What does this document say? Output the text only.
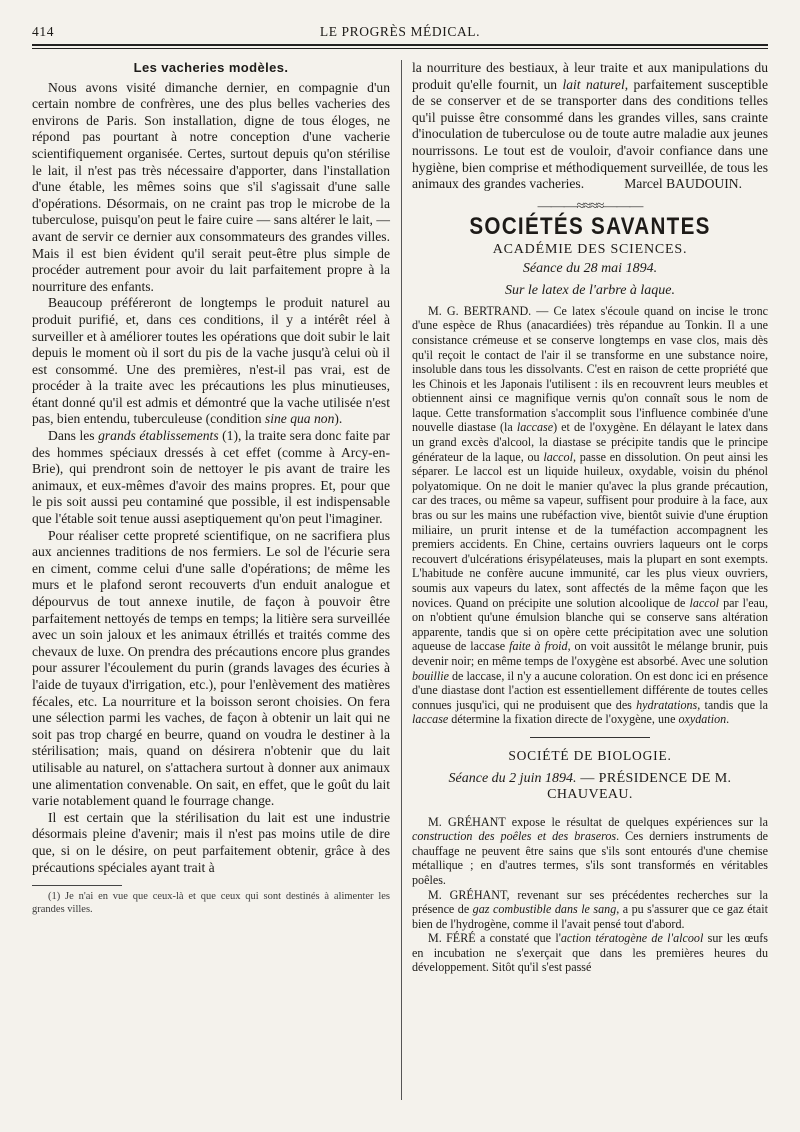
414	LE PROGRÈS MÉDICAL.
Les vacheries modèles.

Nous avons visité dimanche dernier, en compagnie d'un certain nombre de confrères, une des plus belles vacheries des environs de Paris. Son installation, digne de tous éloges, ne répond pas pourtant à notre conception d'une vacherie scientifiquement organisée. Certes, surtout depuis qu'on stérilise le lait, il n'est pas très nécessaire d'apporter, dans l'installation d'une étable, les mêmes soins que s'il s'agissait d'une salle d'opérations. Désormais, on ne craint pas trop le microbe de la tuberculose, puisqu'on peut le faire cuire — sans altérer le lait, — avant de servir ce dernier aux consommateurs des grandes villes. Mais il est bien évident qu'il serait peut-être plus simple de procéder autrement pour avoir du lait parfaitement propre à la nourriture des enfants.

Beaucoup préféreront de longtemps le produit naturel au produit purifié, et, dans ces conditions, il y a intérêt réel à surveiller et à améliorer toutes les opérations que doit subir le lait depuis le moment où il sort du pis de la vache jusqu'à celui où il est consommé. Une des premières, n'est-il pas vrai, est de procéder à la traite avec les précautions les plus minutieuses, étant donné qu'il est admis et démontré que la vache utilisée n'est pas, bien entendu, tuberculeuse (condition sine qua non).

Dans les grands établissements (1), la traite sera donc faite par des hommes spéciaux dressés à cet effet (comme à Arcy-en-Brie), qui prendront soin de nettoyer le pis avant de traire les animaux, et eux-mêmes d'avoir des mains propres. Et, pour que le pis soit aussi peu contaminé que possible, il est indispensable que l'étable soit tenue aussi aseptiquement qu'on peut l'imaginer.

Pour réaliser cette propreté scientifique, on ne sacrifiera plus aux anciennes traditions de nos fermiers. Le sol de l'écurie sera en ciment, comme celui d'une salle d'opérations; de même les murs et le plafond seront recouverts d'un enduit analogue et dépourvus de tout annexe inutile, de façon à pouvoir être parfaitement nettoyés de temps en temps; la litière sera surveillée avec un soin jaloux et les animaux étrillés et traités comme des chevaux de luxe. On prendra des précautions encore plus grandes pour assurer l'écoulement du purin (grands lavages des écuries à l'aide de tuyaux d'irrigation, etc.), pour l'enlèvement des matières fécales, etc. La nourriture et la boisson seront choisies. On fera une sélection parmi les vaches, de façon à obtenir un lait qui ne soit pas trop chargé en beurre, quand on voudra le destiner à la stérilisation; mais, quand on désirera n'obtenir que du lait utilisable au naturel, on s'attachera surtout à donner aux animaux une alimentation convenable. On sait, en effet, que le goût du lait varie notablement quand le fourrage change.

Il est certain que la stérilisation du lait est une industrie désormais pleine d'avenir; mais il n'est pas moins utile de dire que, si on le désire, on peut parfaitement obtenir, grâce à des précautions spéciales ayant trait à

(1) Je n'ai en vue que ceux-là et que ceux qui sont destinés à alimenter les grandes villes.

la nourriture des bestiaux, à leur traite et aux manipulations du produit qu'elle fournit, un lait naturel, parfaitement susceptible de se conserver et de se transporter dans des conditions telles qu'il puisse être consommé dans les grandes villes, sans crainte d'inoculation de tuberculose ou de toute autre maladie aux jeunes nourrissons. Le tout est de vouloir, d'avoir confiance dans une hygiène, bien comprise et méthodiquement surveillée, de tous les animaux des grandes vacheries.	Marcel BAUDOUIN.
———≈≈≈≈———
SOCIÉTÉS SAVANTES
ACADÉMIE DES SCIENCES.
Séance du 28 mai 1894.
Sur le latex de l'arbre à laque.

M. G. BERTRAND. — Ce latex s'écoule quand on incise le tronc d'une espèce de Rhus (anacardiées) très répandue au Tonkin. Il a une consistance crémeuse et se conserve longtemps en vase clos, mais dès qu'il reçoit le contact de l'air il se transforme en une substance noire, insoluble dans tous les dissolvants. C'est en raison de cette propriété que les Chinois et les Japonais l'utilisent : ils en recouvrent leurs meubles et obtiennent ainsi ce magnifique vernis qu'on connaît sous le nom de laque. Cette transformation s'accomplit sous l'influence combinée d'une nouvelle diastase (la laccase) et de l'oxygène. En délayant le latex dans un grand excès d'alcool, la diastase se précipite tandis que le principe générateur de la laque, ou laccol, passe en dissolution. On peut ainsi les séparer. Le laccol est un liquide huileux, oxydable, voisin du phénol polyatomique. On ne doit le manier qu'avec la plus grande précaution, car des traces, ou même sa vapeur, suffisent pour produire à la face, aux bras ou sur les mains une rubéfaction vive, bientôt suivie d'une éruption miliaire, un prurit intense et de la tuméfaction accompagnent les premiers accidents. En Chine, certains ouvriers laqueurs ont le corps recouvert d'ulcérations érisypélateuses, mais la plupart en sont exempts. L'habitude ne confère aucune immunité, car les plus vieux ouvriers, soumis aux vapeurs du latex, sont affectés de la même façon que les novices. Quand on précipite une solution alcoolique de laccol par l'eau, on n'obtient qu'une émulsion blanche qui se conserve sans altération apparente, tandis que si on opère cette précipitation avec une solution aqueuse de laccase faite à froid, on voit aussitôt le mélange brunir, puis devenir noir; en même temps de l'oxygène est absorbé. Avec une solution bouillie de laccase, il n'y a aucune coloration. On est donc ici en présence d'une diastase dont l'action est essentiellement différente de toutes celles connues jusqu'ici, qui ne produisent que des hydratations, tandis que la laccase détermine la fixation directe de l'oxygène, une oxydation.

SOCIÉTÉ DE BIOLOGIE.
Séance du 2 juin 1894. — PRÉSIDENCE DE M. CHAUVEAU.

M. GRÉHANT expose le résultat de quelques expériences sur la construction des poêles et des braseros. Ces derniers instruments de chauffage ne peuvent être sains que s'ils sont entourés d'une chemise métallique ; en d'autres termes, s'ils sont transformés en véritables poêles.

M. GRÉHANT, revenant sur ses précédentes recherches sur la présence de gaz combustible dans le sang, a pu s'assurer que ce gaz était bien de l'hydrogène, comme il l'avait pensé tout d'abord.

M. FÉRÉ a constaté que l'action tératogène de l'alcool sur les œufs en incubation ne s'exerçait que dans les premières heures du développement. Sitôt qu'il s'est passé
